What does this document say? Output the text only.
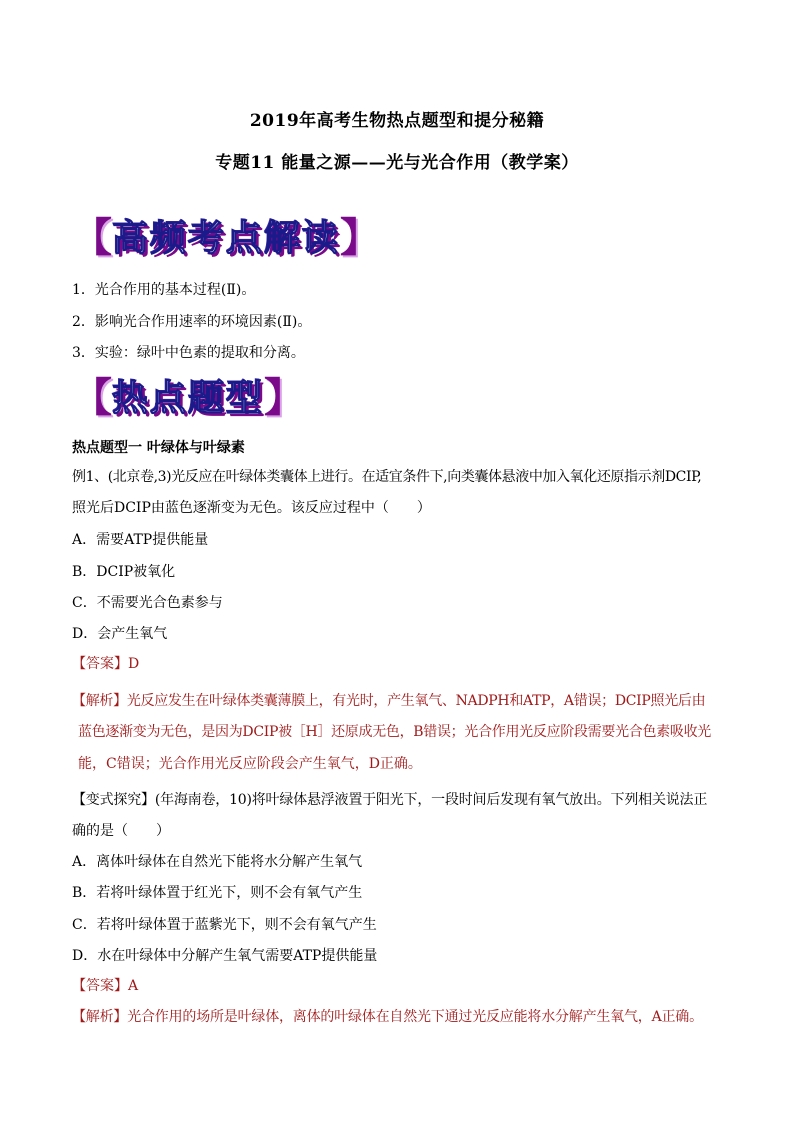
2019年高考生物热点题型和提分秘籍
专题11 能量之源——光与光合作用（教学案）
【 高频考点解读 】
1．光合作用的基本过程(Ⅱ)。
2．影响光合作用速率的环境因素(Ⅱ)。
3．实验：绿叶中色素的提取和分离。
【 热点题型 】
热点题型一 叶绿体与叶绿素
例1、(北京卷,3)光反应在叶绿体类囊体上进行。在适宜条件下,向类囊体悬液中加入氧化还原指示剂DCIP,
照光后DCIP由蓝色逐渐变为无色。该反应过程中（　　）
A．需要ATP提供能量
B．DCIP被氧化
C．不需要光合色素参与
D．会产生氧气
【答案】D
【解析】光反应发生在叶绿体类囊薄膜上，有光时，产生氧气、NADPH和ATP，A错误；DCIP照光后由
蓝色逐渐变为无色，是因为DCIP被［H］还原成无色，B错误；光合作用光反应阶段需要光合色素吸收光
能，C错误；光合作用光反应阶段会产生氧气，D正确。
【变式探究】(年海南卷，10)将叶绿体悬浮液置于阳光下，一段时间后发现有氧气放出。下列相关说法正
确的是（　　）
A．离体叶绿体在自然光下能将水分解产生氧气
B．若将叶绿体置于红光下，则不会有氧气产生
C．若将叶绿体置于蓝紫光下，则不会有氧气产生
D．水在叶绿体中分解产生氧气需要ATP提供能量
【答案】A
【解析】光合作用的场所是叶绿体，离体的叶绿体在自然光下通过光反应能将水分解产生氧气，A正确。
